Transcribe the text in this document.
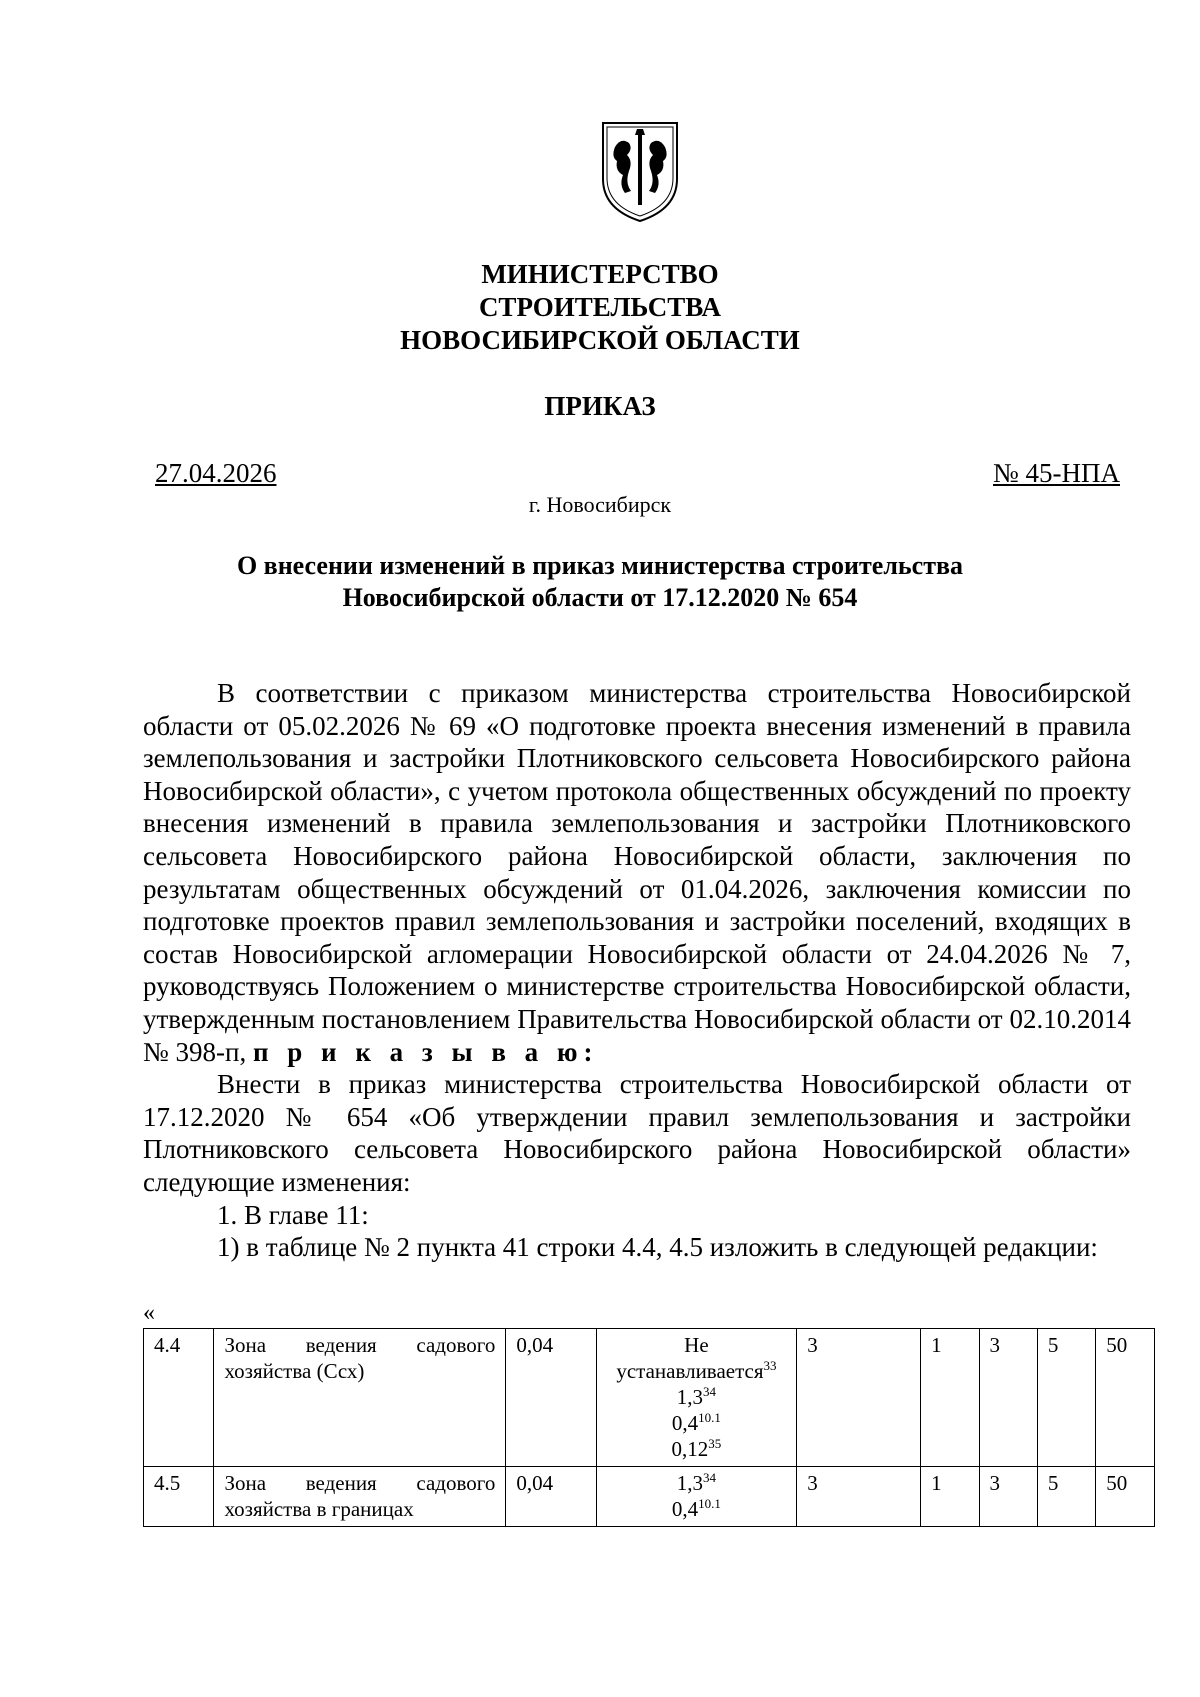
МИНИСТЕРСТВО
СТРОИТЕЛЬСТВА
НОВОСИБИРСКОЙ ОБЛАСТИ
ПРИКАЗ
27.04.2026	№ 45-НПА
г. Новосибирск
О внесении изменений в приказ министерства строительства
Новосибирской области от 17.12.2020 № 654

В соответствии с приказом министерства строительства Новосибирской области от 05.02.2026 № 69 «О подготовке проекта внесения изменений в правила землепользования и застройки Плотниковского сельсовета Новосибирского района Новосибирской области», с учетом протокола общественных обсуждений по проекту внесения изменений в правила землепользования и застройки Плотниковского сельсовета Новосибирского района Новосибирской области, заключения по результатам общественных обсуждений от 01.04.2026, заключения комиссии по подготовке проектов правил землепользования и застройки поселений, входящих в состав Новосибирской агломерации Новосибирской области от 24.04.2026 № 7, руководствуясь Положением о министерстве строительства Новосибирской области, утвержденным постановлением Правительства Новосибирской области от 02.10.2014 № 398-п, п р и к а з ы в а ю:

Внести в приказ министерства строительства Новосибирской области от 17.12.2020 № 654 «Об утверждении правил землепользования и застройки Плотниковского сельсовета Новосибирского района Новосибирской области» следующие изменения:

1. В главе 11:

1) в таблице № 2 пункта 41 строки 4.4, 4.5 изложить в следующей редакции:

«
4.4	Зона ведения садового хозяйства (Ссх)	0,04	Не устанавливается$^{33}$
$1,3^{34}$
$0,4^{10.1}$
0,12$^{35}$	3	1	3	5	50
4.5	Зона ведения садового хозяйства в границах	0,04	$1,3^{34}$
$0,4^{10.1}$	3	1	3	5	50
